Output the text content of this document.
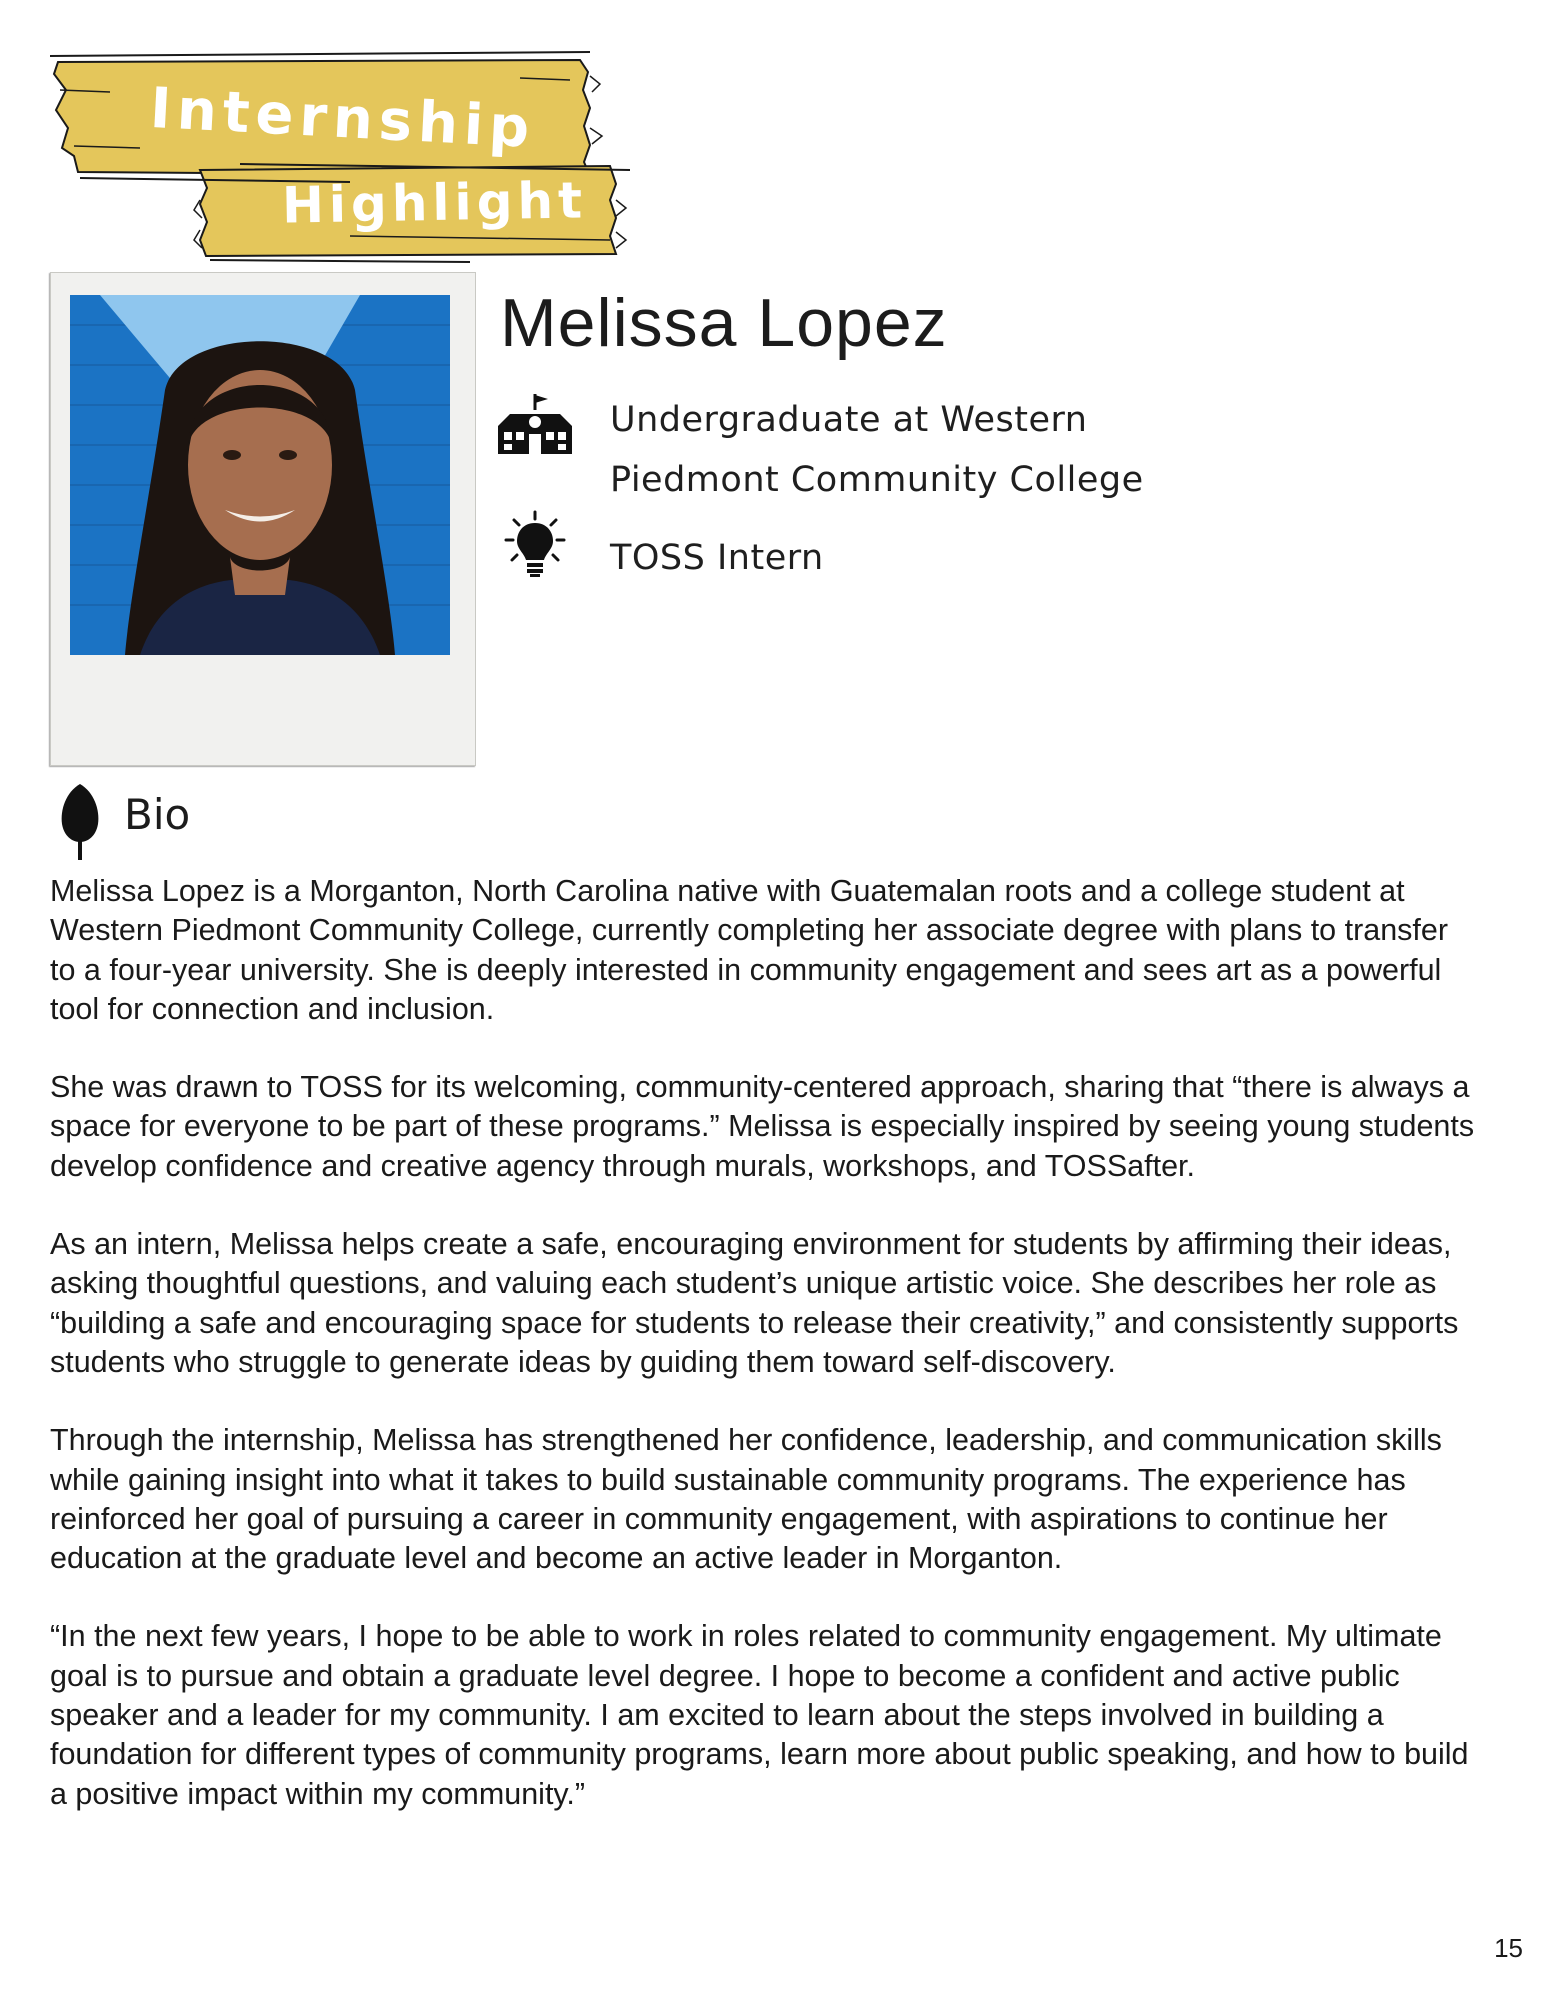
Internship
Highlight
Melissa Lopez
Undergraduate at Western
Piedmont Community College
TOSS Intern
Bio

Melissa Lopez is a Morganton, North Carolina native with Guatemalan roots and a college student at Western Piedmont Community College, currently completing her associate degree with plans to transfer to a four-year university. She is deeply interested in community engagement and sees art as a powerful tool for connection and inclusion.

She was drawn to TOSS for its welcoming, community-centered approach, sharing that “there is always a space for everyone to be part of these programs.” Melissa is especially inspired by seeing young students develop confidence and creative agency through murals, workshops, and TOSSafter.

As an intern, Melissa helps create a safe, encouraging environment for students by affirming their ideas, asking thoughtful questions, and valuing each student’s unique artistic voice. She describes her role as “building a safe and encouraging space for students to release their creativity,” and consistently supports students who struggle to generate ideas by guiding them toward self-discovery.

Through the internship, Melissa has strengthened her confidence, leadership, and communication skills while gaining insight into what it takes to build sustainable community programs. The experience has reinforced her goal of pursuing a career in community engagement, with aspirations to continue her education at the graduate level and become an active leader in Morganton.

“In the next few years, I hope to be able to work in roles related to community engagement. My ultimate goal is to pursue and obtain a graduate level degree. I hope to become a confident and active public speaker and a leader for my community. I am excited to learn about the steps involved in building a foundation for different types of community programs, learn more about public speaking, and how to build a positive impact within my community.”

15
